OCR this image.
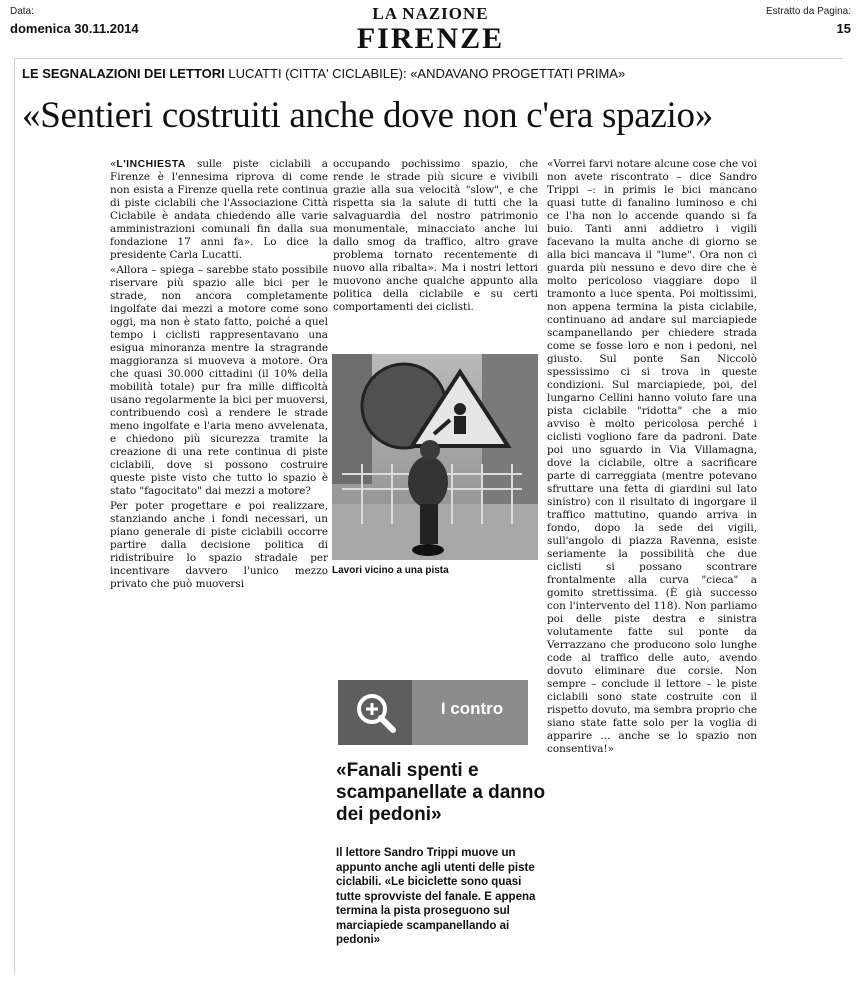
Data:
domenica 30.11.2014
LA NAZIONE
FIRENZE
Estratto da Pagina:
15
LE SEGNALAZIONI DEI LETTORI LUCATTI (CITTA' CICLABILE): «ANDAVANO PROGETTATI PRIMA»
«Sentieri costruiti anche dove non c'era spazio»

«L'INCHIESTA sulle piste ciclabili a Firenze è l'ennesima riprova di come non esista a Firenze quella rete continua di piste ciclabili che l'Associazione Città Ciclabile è andata chiedendo alle varie amministrazioni comunali fin dalla sua fondazione 17 anni fa». Lo dice la presidente Carla Lucatti.

«Allora – spiega – sarebbe stato possibile riservare più spazio alle bici per le strade, non ancora completamente ingolfate dai mezzi a motore come sono oggi, ma non è stato fatto, poiché a quel tempo i ciclisti rappresentavano una esigua minoranza mentre la stragrande maggioranza si muoveva a motore. Ora che quasi 30.000 cittadini (il 10% della mobilità totale) pur fra mille difficoltà usano regolarmente la bici per muoversi, contribuendo così a rendere le strade meno ingolfate e l'aria meno avvelenata, e chiedono più sicurezza tramite la creazione di una rete continua di piste ciclabili, dove si possono costruire queste piste visto che tutto lo spazio è stato "fagocitato" dai mezzi a motore?

Per poter progettare e poi realizzare, stanziando anche i fondi necessari, un piano generale di piste ciclabili occorre partire dalla decisione politica di ridistribuire lo spazio stradale per incentivare davvero l'unico mezzo privato che può muoversi

occupando pochissimo spazio, che rende le strade più sicure e vivibili grazie alla sua velocità "slow", e che rispetta sia la salute di tutti che la salvaguardia del nostro patrimonio monumentale, minacciato anche lui dallo smog da traffico, altro grave problema tornato recentemente di nuovo alla ribalta». Ma i nostri lettori muovono anche qualche appunto alla politica della ciclabile e su certi comportamenti dei ciclisti.

Lavori vicino a una pista
I contro
«Fanali spenti e scampanellate a danno dei pedoni»
Il lettore Sandro Trippi muove un appunto anche agli utenti delle piste ciclabili. «Le biciclette sono quasi tutte sprovviste del fanale. E appena termina la pista proseguono sul marciapiede scampanellando ai pedoni»

«Vorrei farvi notare alcune cose che voi non avete riscontrato – dice Sandro Trippi –: in primis le bici mancano quasi tutte di fanalino luminoso e chi ce l'ha non lo accende quando si fa buio. Tanti anni addietro i vigili facevano la multa anche di giorno se alla bici mancava il "lume". Ora non ci guarda più nessuno e devo dire che è molto pericoloso viaggiare dopo il tramonto a luce spenta. Poi moltissimi, non appena termina la pista ciclabile, continuano ad andare sul marciapiede scampanellando per chiedere strada come se fosse loro e non i pedoni, nel giusto. Sul ponte San Niccolò spessissimo ci si trova in queste condizioni. Sul marciapiede, poi, del lungarno Cellini hanno voluto fare una pista ciclabile "ridotta" che a mio avviso è molto pericolosa perché i ciclisti vogliono fare da padroni. Date poi uno sguardo in Via Villamagna, dove la ciclabile, oltre a sacrificare parte di carreggiata (mentre potevano sfruttare una fetta di giardini sul lato sinistro) con il risultato di ingorgare il traffico mattutino, quando arriva in fondo, dopo la sede dei vigili, sull'angolo di piazza Ravenna, esiste seriamente la possibilità che due ciclisti si possano scontrare frontalmente alla curva "cieca" a gomito strettissima. (È già successo con l'intervento del 118). Non parliamo poi delle piste destra e sinistra volutamente fatte sul ponte da Verrazzano che producono solo lunghe code al traffico delle auto, avendo dovuto eliminare due corsie. Non sempre – conclude il lettore – le piste ciclabili sono state costruite con il rispetto dovuto, ma sembra proprio che siano state fatte solo per la voglia di apparire ... anche se lo spazio non consentiva!»
